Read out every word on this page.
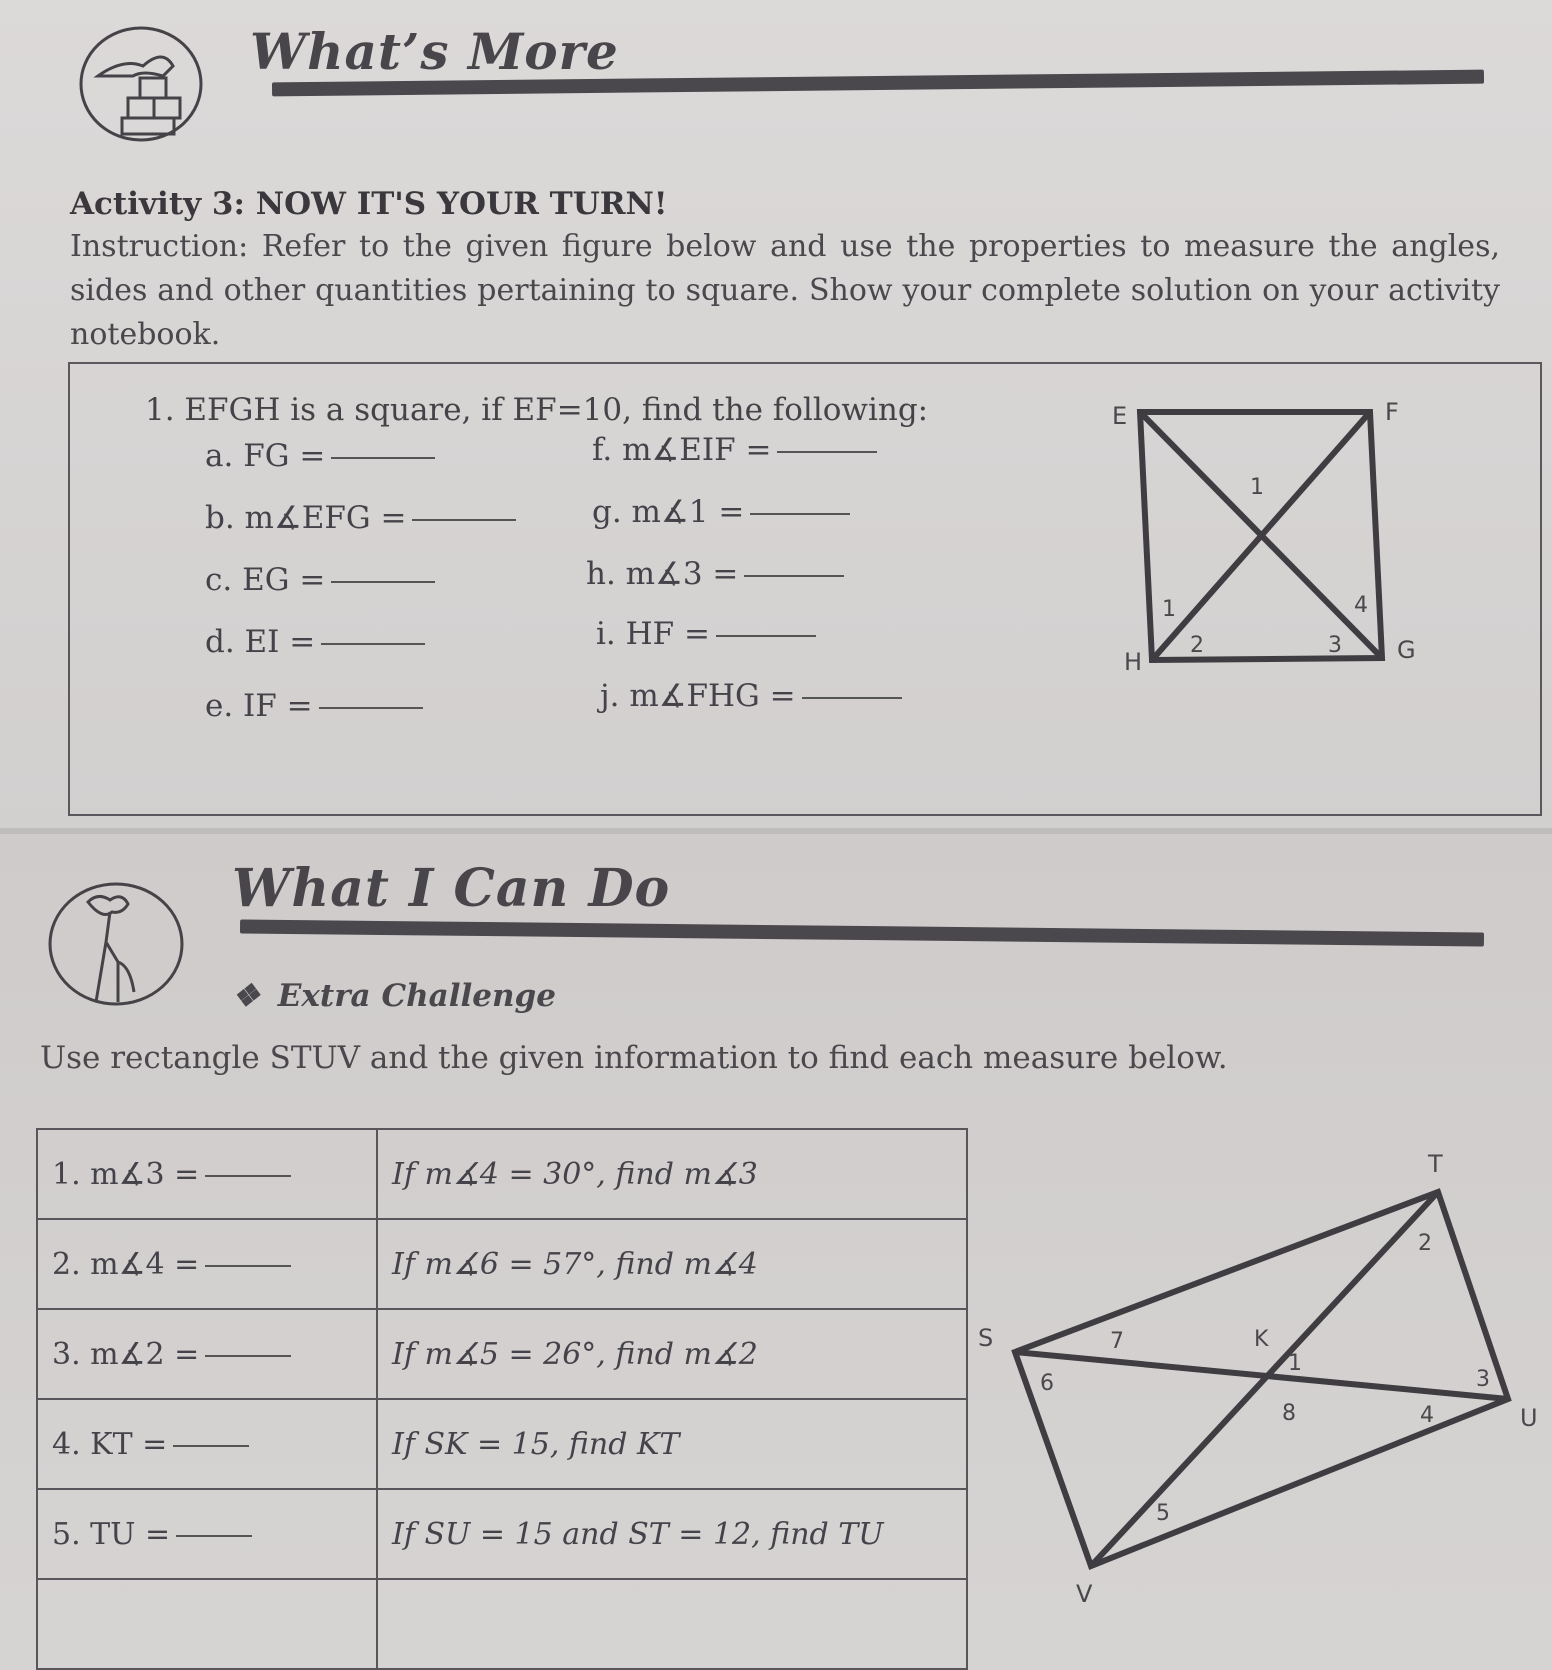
What’s More
Activity 3: NOW IT'S YOUR TURN!
Instruction: Refer to the given figure below and use the properties to measure the angles, sides and other quantities pertaining to square. Show your complete solution on your activity notebook.
1. EFGH is a square, if EF=10, find the following:
a. FG =
b. m∡EFG =
c. EG =
d. EI =
e. IF =
f. m∡EIF =
g. m∡1 =
h. m∡3 =
i. HF =
j. m∡FHG =
E	F
G
H
1
1
2	3
4
What I Can Do
❖ Extra Challenge
Use rectangle STUV and the given information to find each measure below.
1. m∡3 =	If m∡4 = 30°, find m∡3
2. m∡4 =	If m∡6 = 57°, find m∡4
3. m∡2 =	If m∡5 = 26°, find m∡2
4. KT =	If SK = 15, find KT
5. TU =	If SU = 15 and ST = 12, find TU

S
T
U
V
K
1
2
3
4
5
6
7
8
